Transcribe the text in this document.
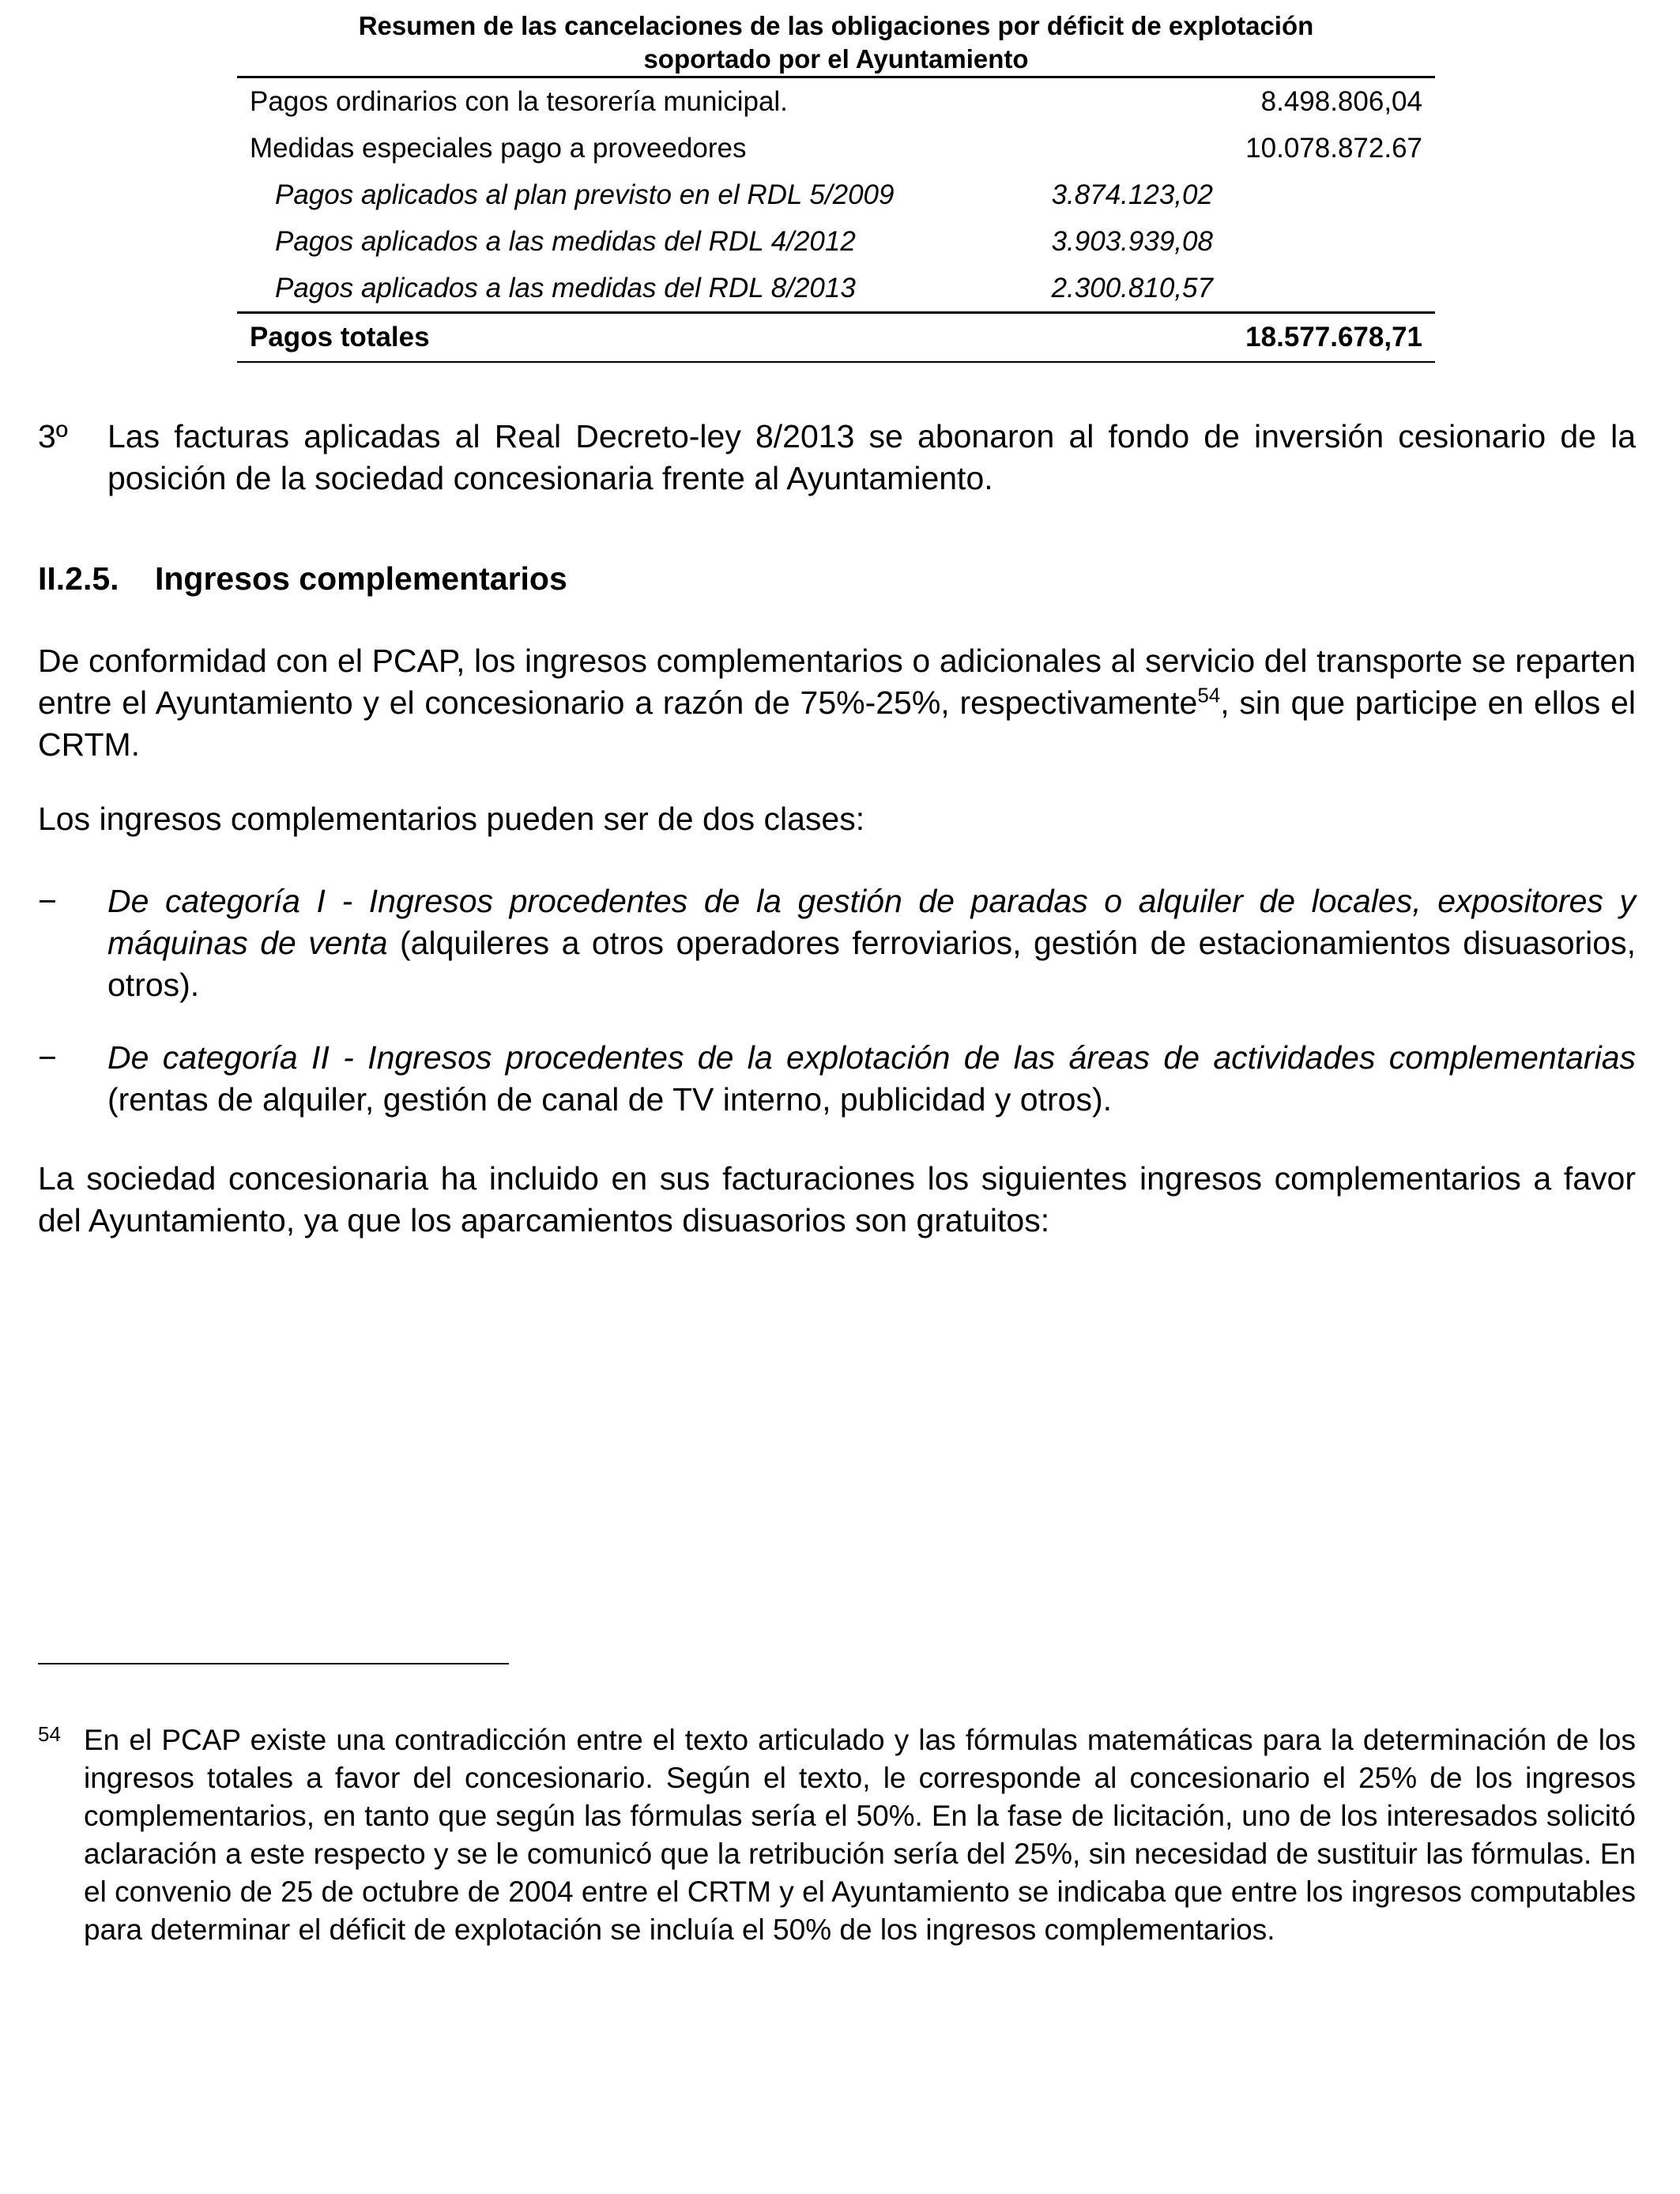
Resumen de las cancelaciones de las obligaciones por déficit de explotación
soportado por el Ayuntamiento
Pagos ordinarios con la tesorería municipal.		8.498.806,04
Medidas especiales pago a proveedores		10.078.872.67
Pagos aplicados al plan previsto en el RDL 5/2009	3.874.123,02	
Pagos aplicados a las medidas del RDL 4/2012	3.903.939,08	
Pagos aplicados a las medidas del RDL 8/2013	2.300.810,57	
Pagos totales		18.577.678,71
3º Las facturas aplicadas al Real Decreto-ley 8/2013 se abonaron al fondo de inversión cesionario de la posición de la sociedad concesionaria frente al Ayuntamiento.
II.2.5. Ingresos complementarios

De conformidad con el PCAP, los ingresos complementarios o adicionales al servicio del transporte se reparten entre el Ayuntamiento y el concesionario a razón de 75%-25%, respectivamente$^{54}$, sin que participe en ellos el CRTM.

Los ingresos complementarios pueden ser de dos clases:

− De categoría I - Ingresos procedentes de la gestión de paradas o alquiler de locales, expositores y máquinas de venta (alquileres a otros operadores ferroviarios, gestión de estacionamientos disuasorios, otros).
− De categoría II - Ingresos procedentes de la explotación de las áreas de actividades complementarias (rentas de alquiler, gestión de canal de TV interno, publicidad y otros).

La sociedad concesionaria ha incluido en sus facturaciones los siguientes ingresos complementarios a favor del Ayuntamiento, ya que los aparcamientos disuasorios son gratuitos:

54 En el PCAP existe una contradicción entre el texto articulado y las fórmulas matemáticas para la determinación de los ingresos totales a favor del concesionario. Según el texto, le corresponde al concesionario el 25% de los ingresos complementarios, en tanto que según las fórmulas sería el 50%. En la fase de licitación, uno de los interesados solicitó aclaración a este respecto y se le comunicó que la retribución sería del 25%, sin necesidad de sustituir las fórmulas. En el convenio de 25 de octubre de 2004 entre el CRTM y el Ayuntamiento se indicaba que entre los ingresos computables para determinar el déficit de explotación se incluía el 50% de los ingresos complementarios.
